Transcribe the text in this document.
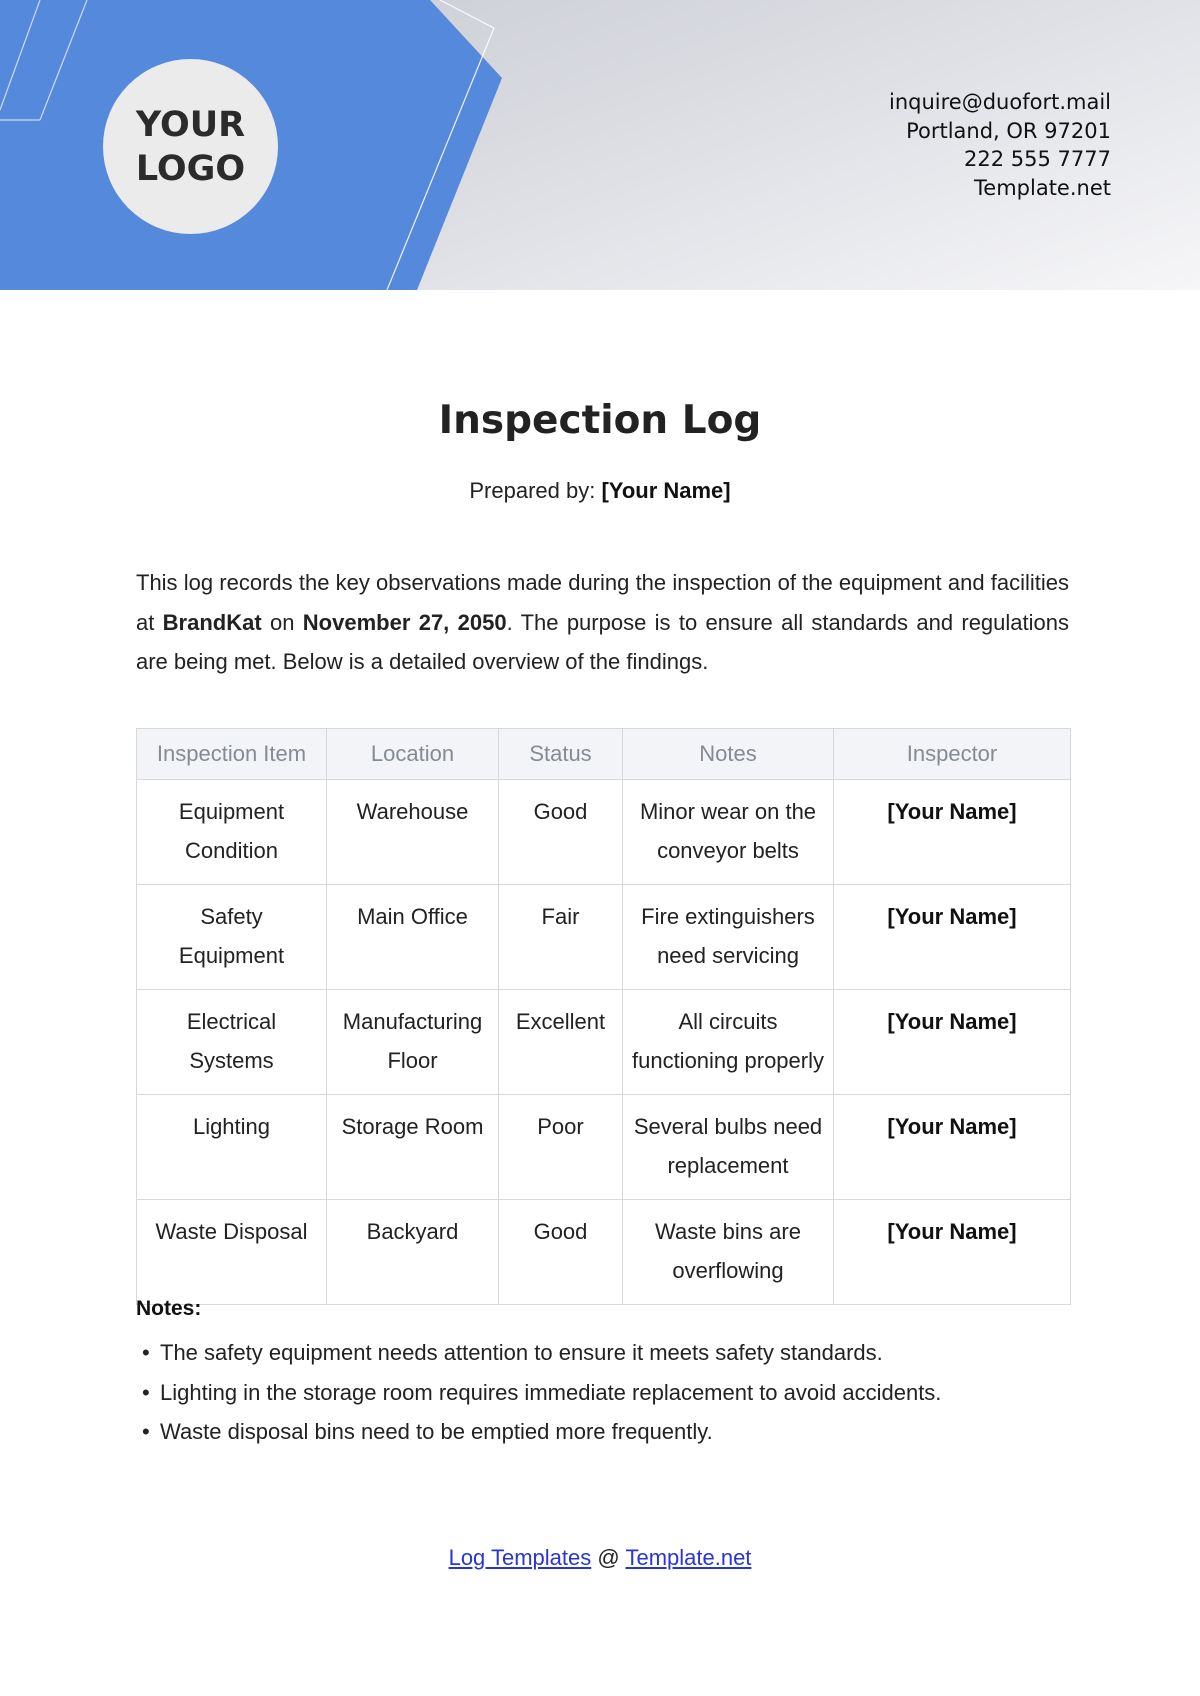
YOUR LOGO
inquire@duofort.mail
Portland, OR 97201
222 555 7777
Template.net
Inspection Log
Prepared by: [Your Name]

This log records the key observations made during the inspection of the equipment and facilities at BrandKat on November 27, 2050. The purpose is to ensure all standards and regulations are being met. Below is a detailed overview of the findings.

Inspection Item	Location	Status	Notes	Inspector
Equipment Condition	Warehouse	Good	Minor wear on the conveyor belts	[Your Name]
Safety Equipment	Main Office	Fair	Fire extinguishers need servicing	[Your Name]
Electrical Systems	Manufacturing Floor	Excellent	All circuits functioning properly	[Your Name]
Lighting	Storage Room	Poor	Several bulbs need replacement	[Your Name]
Waste Disposal	Backyard	Good	Waste bins are overflowing	[Your Name]
Notes:
• The safety equipment needs attention to ensure it meets safety standards.
• Lighting in the storage room requires immediate replacement to avoid accidents.
• Waste disposal bins need to be emptied more frequently.
Log Templates @ Template.net
